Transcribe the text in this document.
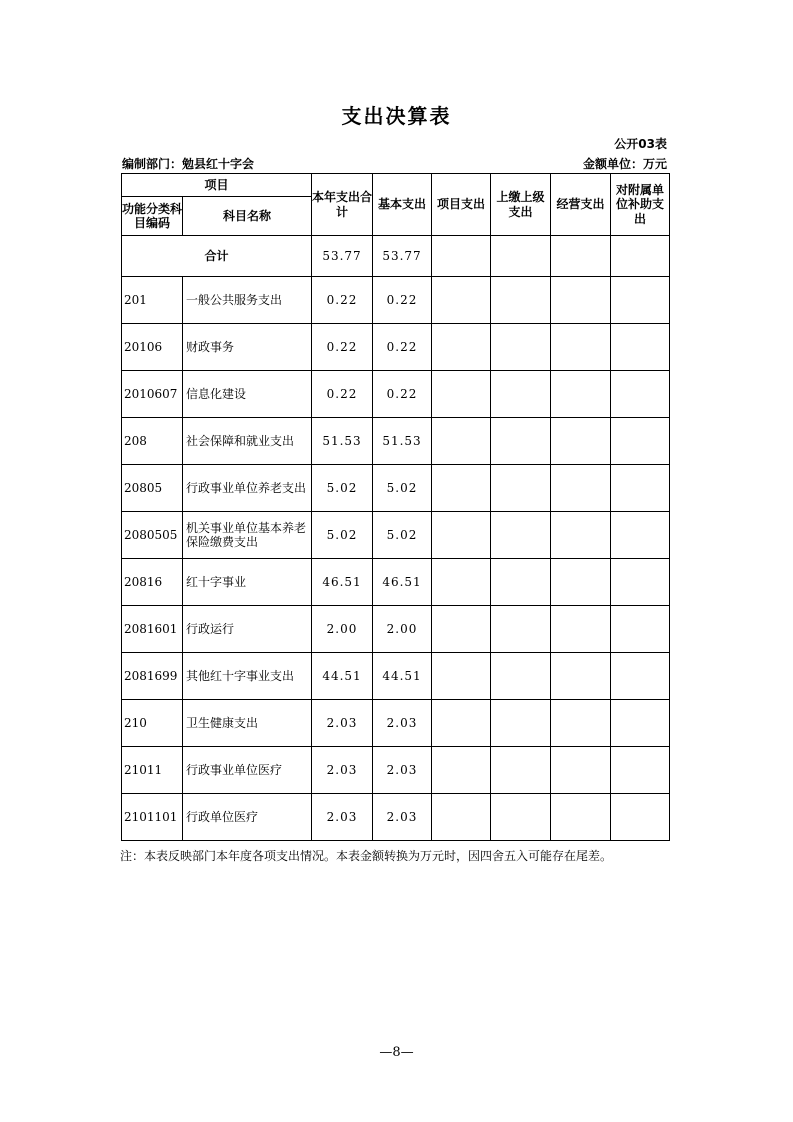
支出决算表
公开03表
编制部门：勉县红十字会	金额单位：万元
项目		本年支出合计	基本支出	项目支出	上缴上级支出	经营支出	对附属单位补助支出
功能分类科目编码	科目名称						
合计		53.77	53.77				
201	一般公共服务支出	0.22	0.22				
20106	财政事务	0.22	0.22				
2010607	信息化建设	0.22	0.22				
208	社会保障和就业支出	51.53	51.53				
20805	行政事业单位养老支出	5.02	5.02				
2080505	机关事业单位基本养老保险缴费支出	5.02	5.02				
20816	红十字事业	46.51	46.51				
2081601	行政运行	2.00	2.00				
2081699	其他红十字事业支出	44.51	44.51				
210	卫生健康支出	2.03	2.03				
21011	行政事业单位医疗	2.03	2.03				
2101101	行政单位医疗	2.03	2.03				
注：本表反映部门本年度各项支出情况。本表金额转换为万元时，因四舍五入可能存在尾差。
—8—
